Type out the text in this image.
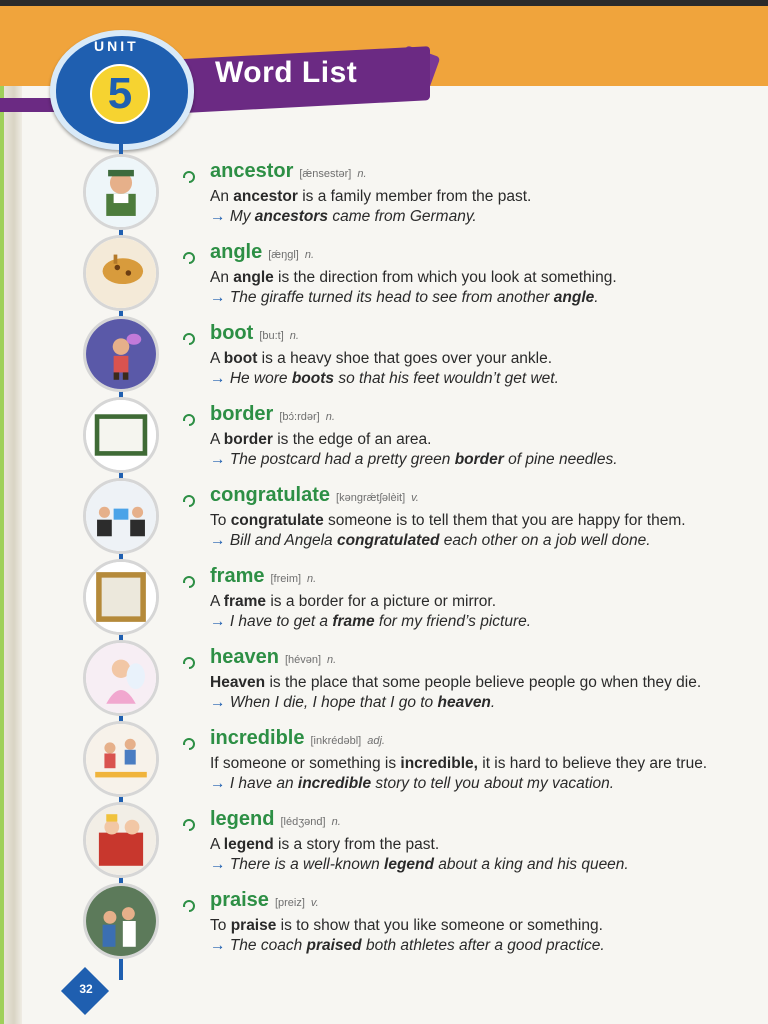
Word List
UNIT
5
ancestor [ǽnsestər] n.
An ancestor is a family member from the past.
→ My ancestors came from Germany.
angle [ǽŋgl] n.
An angle is the direction from which you look at something.
→ The giraffe turned its head to see from another angle.
boot [bu:t] n.
A boot is a heavy shoe that goes over your ankle.
→ He wore boots so that his feet wouldn’t get wet.
border [bɔ́:rdər] n.
A border is the edge of an area.
→ The postcard had a pretty green border of pine needles.
congratulate [kəngrǽtʃəlèit] v.
To congratulate someone is to tell them that you are happy for them.
→ Bill and Angela congratulated each other on a job well done.
frame [freim] n.
A frame is a border for a picture or mirror.
→ I have to get a frame for my friend’s picture.
heaven [hévən] n.
Heaven is the place that some people believe people go when they die.
→ When I die, I hope that I go to heaven.
incredible [inkrédəbl] adj.
If someone or something is incredible, it is hard to believe they are true.
→ I have an incredible story to tell you about my vacation.
legend [lédʒənd] n.
A legend is a story from the past.
→ There is a well-known legend about a king and his queen.
praise [preiz] v.
To praise is to show that you like someone or something.
→ The coach praised both athletes after a good practice.
32
